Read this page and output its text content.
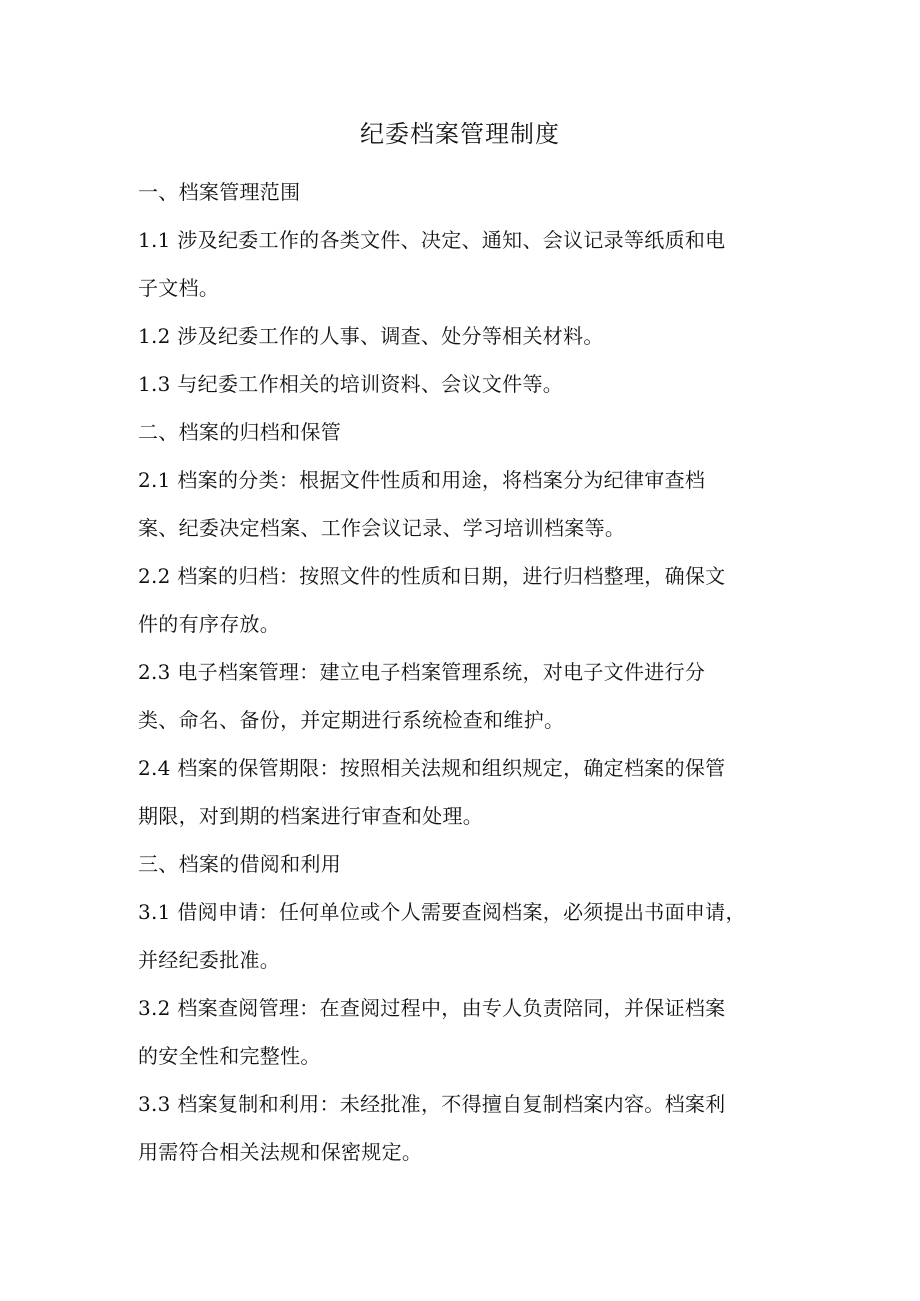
纪委档案管理制度
一、档案管理范围
1.1 涉及纪委工作的各类文件、决定、通知、会议记录等纸质和电
子文档。
1.2 涉及纪委工作的人事、调查、处分等相关材料。
1.3 与纪委工作相关的培训资料、会议文件等。
二、档案的归档和保管
2.1 档案的分类：根据文件性质和用途，将档案分为纪律审查档
案、纪委决定档案、工作会议记录、学习培训档案等。
2.2 档案的归档：按照文件的性质和日期，进行归档整理，确保文
件的有序存放。
2.3 电子档案管理：建立电子档案管理系统，对电子文件进行分
类、命名、备份，并定期进行系统检查和维护。
2.4 档案的保管期限：按照相关法规和组织规定，确定档案的保管
期限，对到期的档案进行审查和处理。
三、档案的借阅和利用
3.1 借阅申请：任何单位或个人需要查阅档案，必须提出书面申请，
并经纪委批准。
3.2 档案查阅管理：在查阅过程中，由专人负责陪同，并保证档案
的安全性和完整性。
3.3 档案复制和利用：未经批准，不得擅自复制档案内容。档案利
用需符合相关法规和保密规定。
